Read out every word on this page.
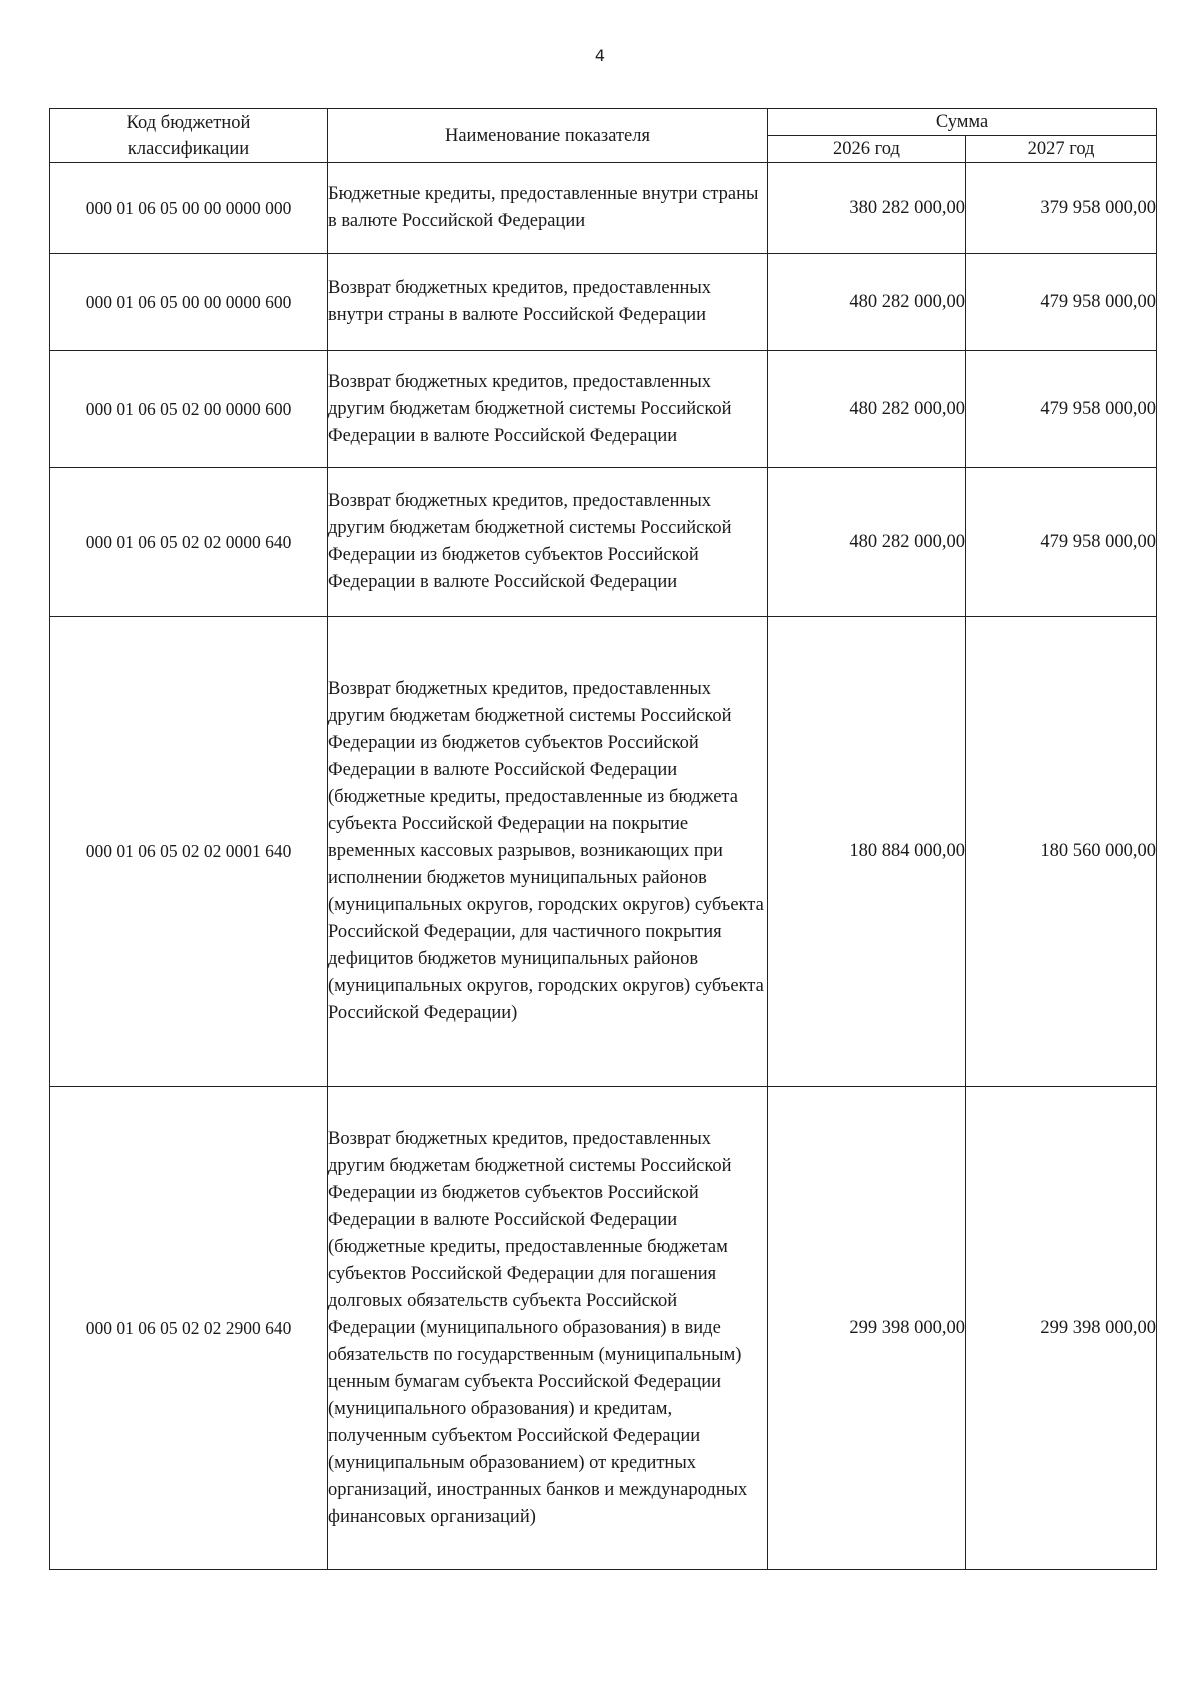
4
Код бюджетной классификации	Наименование показателя	Сумма	
		2026 год	2027 год
000 01 06 05 00 00 0000 000	Бюджетные кредиты, предоставленные внутри страны в валюте Российской Федерации	380 282 000,00	379 958 000,00
000 01 06 05 00 00 0000 600	Возврат бюджетных кредитов, предоставленных внутри страны в валюте Российской Федерации	480 282 000,00	479 958 000,00
000 01 06 05 02 00 0000 600	Возврат бюджетных кредитов, предоставленных другим бюджетам бюджетной системы Российской Федерации в валюте Российской Федерации	480 282 000,00	479 958 000,00
000 01 06 05 02 02 0000 640	Возврат бюджетных кредитов, предоставленных другим бюджетам бюджетной системы Российской Федерации из бюджетов субъектов Российской Федерации в валюте Российской Федерации	480 282 000,00	479 958 000,00
000 01 06 05 02 02 0001 640	Возврат бюджетных кредитов, предоставленных другим бюджетам бюджетной системы Российской Федерации из бюджетов субъектов Российской Федерации в валюте Российской Федерации (бюджетные кредиты, предоставленные из бюджета субъекта Российской Федерации на покрытие временных кассовых разрывов, возникающих при исполнении бюджетов муниципальных районов (муниципальных округов, городских округов) субъекта Российской Федерации, для частичного покрытия дефицитов бюджетов муниципальных районов (муниципальных округов, городских округов) субъекта Российской Федерации)	180 884 000,00	180 560 000,00
000 01 06 05 02 02 2900 640	Возврат бюджетных кредитов, предоставленных другим бюджетам бюджетной системы Российской Федерации из бюджетов субъектов Российской Федерации в валюте Российской Федерации (бюджетные кредиты, предоставленные бюджетам субъектов Российской Федерации для погашения долговых обязательств субъекта Российской Федерации (муниципального образования) в виде обязательств по государственным (муниципальным) ценным бумагам субъекта Российской Федерации (муниципального образования) и кредитам, полученным субъектом Российской Федерации (муниципальным образованием) от кредитных организаций, иностранных банков и международных финансовых организаций)	299 398 000,00	299 398 000,00
